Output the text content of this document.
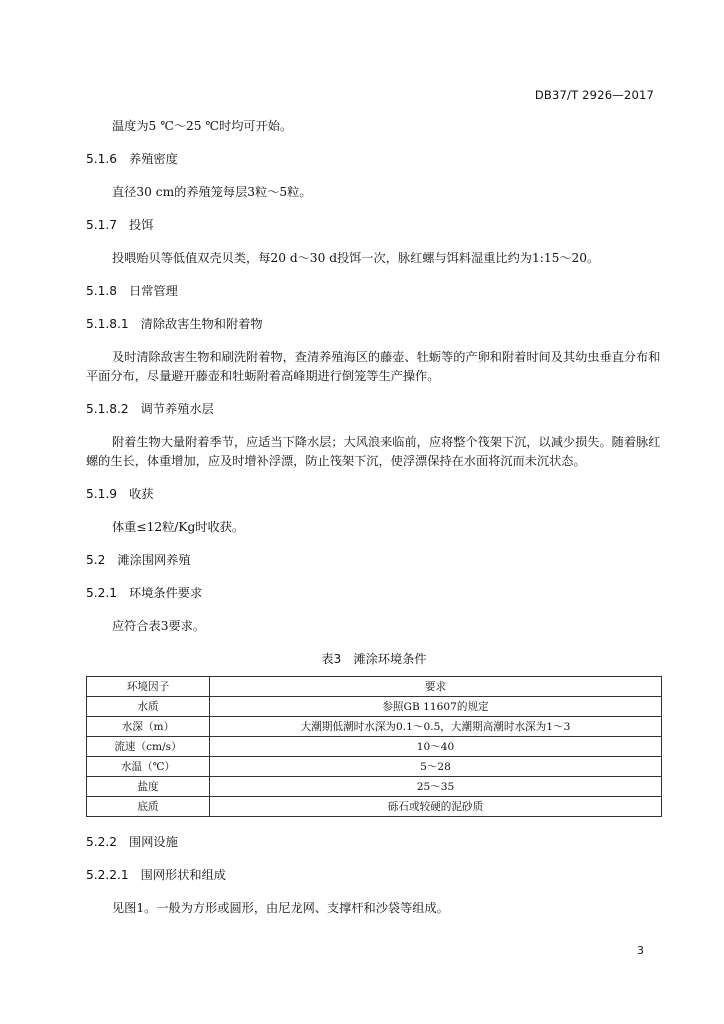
DB37/T 2926—2017
温度为5 ℃～25 ℃时均可开始。
5.1.6 养殖密度
直径30 cm的养殖笼每层3粒～5粒。
5.1.7 投饵
投喂贻贝等低值双壳贝类，每20 d～30 d投饵一次，脉红螺与饵料湿重比约为1:15～20。
5.1.8 日常管理
5.1.8.1 清除敌害生物和附着物
及时清除敌害生物和刷洗附着物，查清养殖海区的藤壶、牡蛎等的产卵和附着时间及其幼虫垂直分布和平面分布，尽量避开藤壶和牡蛎附着高峰期进行倒笼等生产操作。
5.1.8.2 调节养殖水层
附着生物大量附着季节，应适当下降水层；大风浪来临前，应将整个筏架下沉，以减少损失。随着脉红螺的生长，体重增加，应及时增补浮漂，防止筏架下沉，使浮漂保持在水面将沉而未沉状态。
5.1.9 收获
体重≤12粒/Kg时收获。
5.2 滩涂围网养殖
5.2.1 环境条件要求
应符合表3要求。
表3　滩涂环境条件
环境因子	要求
水质	参照GB 11607的规定
水深（m）	大潮期低潮时水深为0.1～0.5，大潮期高潮时水深为1～3
流速（cm/s）	10～40
水温（℃）	5～28
盐度	25～35
底质	砾石或较硬的泥砂质
5.2.2 围网设施
5.2.2.1 围网形状和组成
见图1。一般为方形或圆形，由尼龙网、支撑杆和沙袋等组成。
3
